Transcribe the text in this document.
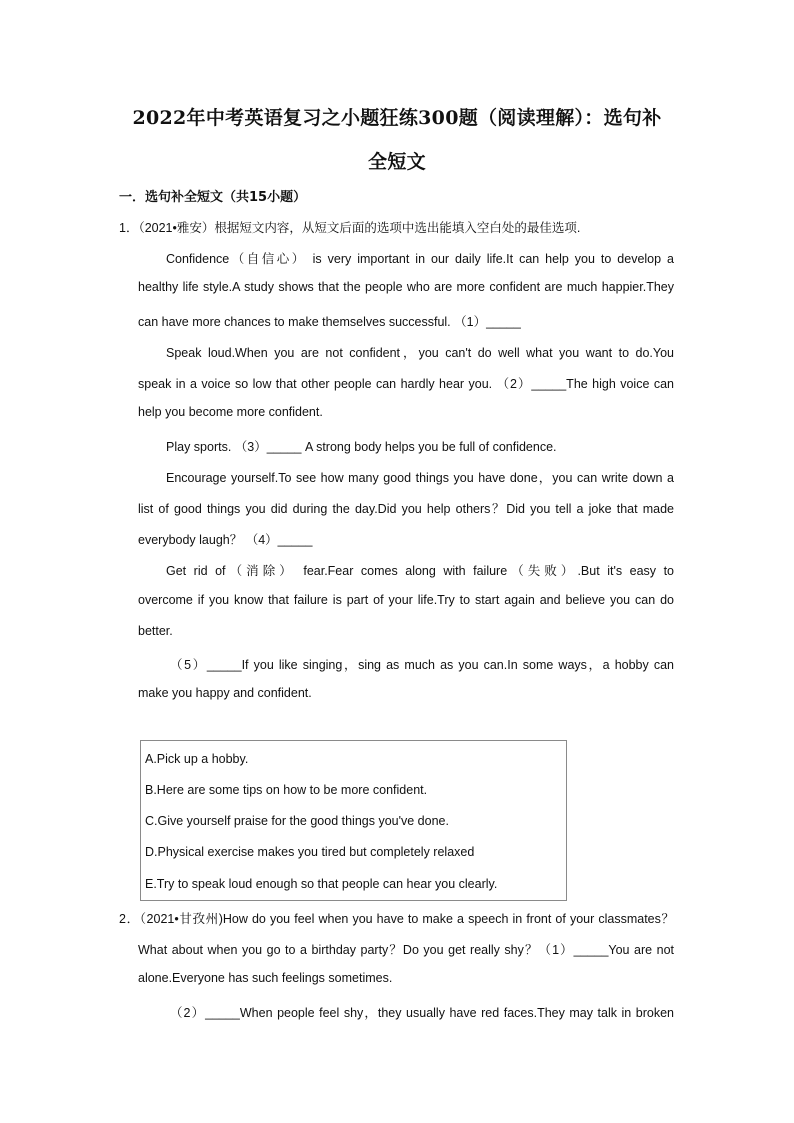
2022年中考英语复习之小题狂练300题（阅读理解）：选句补
全短文
一．选句补全短文（共15小题）
1．（2021•雅安）根据短文内容，从短文后面的选项中选出能填入空白处的最佳选项.
Confidence（自信心） is very important in our daily life.It can help you to develop a
healthy life style.A study shows that the people who are more confident are much happier.They
can have more chances to make themselves successful. （1）_____
Speak loud.When you are not confident，you can't do well what you want to do.You
speak in a voice so low that other people can hardly hear you. （2）_____The high voice can
help you become more confident.
Play sports. （3）_____ A strong body helps you be full of confidence.
Encourage yourself.To see how many good things you have done，you can write down a
list of good things you did during the day.Did you help others？Did you tell a joke that made
everybody laugh？ （4）_____
Get rid of（消除） fear.Fear comes along with failure（失败）.But it's easy to
overcome if you know that failure is part of your life.Try to start again and believe you can do
better.
（5）_____If you like singing，sing as much as you can.In some ways，a hobby can
make you happy and confident.
A.Pick up a hobby.
B.Here are some tips on how to be more confident.
C.Give yourself praise for the good things you've done.
D.Physical exercise makes you tired but completely relaxed
E.Try to speak loud enough so that people can hear you clearly.
2．（2021•甘孜州)How do you feel when you have to make a speech in front of your classmates？
What about when you go to a birthday party？Do you get really shy？（1）_____You are not
alone.Everyone has such feelings sometimes.
（2）_____When people feel shy，they usually have red faces.They may talk in broken
